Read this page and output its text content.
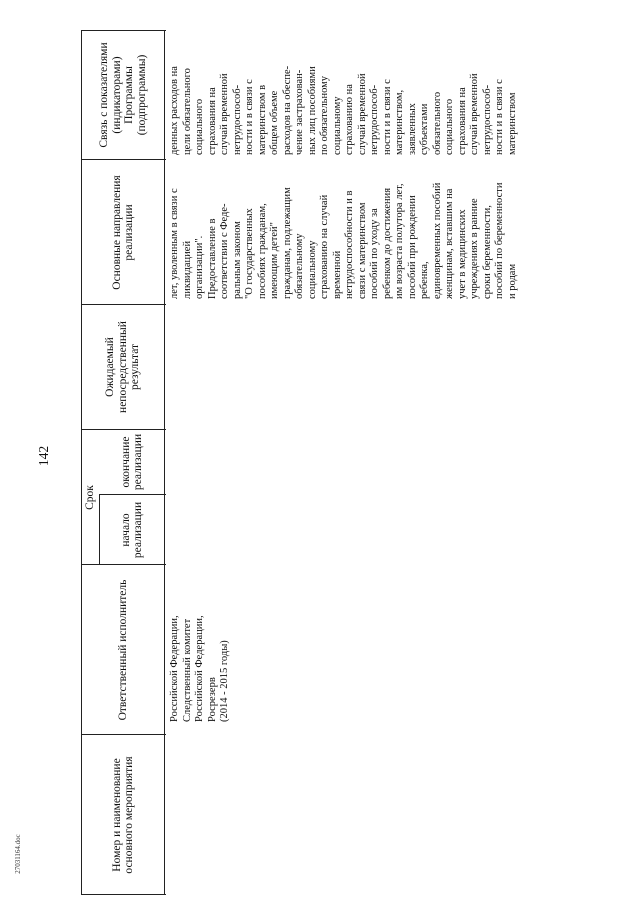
Номер и наименование основного мероприятия
Ответственный исполнитель
Срок
начало реализации
окончание реализации
Ожидаемый непосредственный результат
Основные направления реализации
Связь с показателями (индикаторами) Программы (подпрограммы)
Российской Федерации,
Следственный комитет
Российской Федерации,
Росрезерв
(2014 - 2015 годы)
лет, уволенным в связи с
ликвидацией
организации".
Предоставление в
соответствии с Феде-
ральным законом
"О государственных
пособиях гражданам,
имеющим детей"
гражданам, подлежащим
обязательному
социальному
страхованию на случай
временной
нетрудоспособности и в
связи с материнством
пособий по уходу за
ребенком до достижения
им возраста полутора лет,
пособий при рождении
ребенка,
единовременных пособий
женщинам, вставшим на
учет в медицинских
учреждениях в ранние
сроки беременности,
пособий по беременности
и родам
денных расходов на
цели обязательного
социального
страхования на
случай временной
нетрудоспособ-
ности и в связи с
материнством в
общем объеме
расходов на обеспе-
чение застрахован-
ных лиц пособиями
по обязательному
социальному
страхованию на
случай временной
нетрудоспособ-
ности и в связи с
материнством,
заявленных
субъектами
обязательного
социального
страхования на
случай временной
нетрудоспособ-
ности и в связи с
материнством
142
27031164.doc
